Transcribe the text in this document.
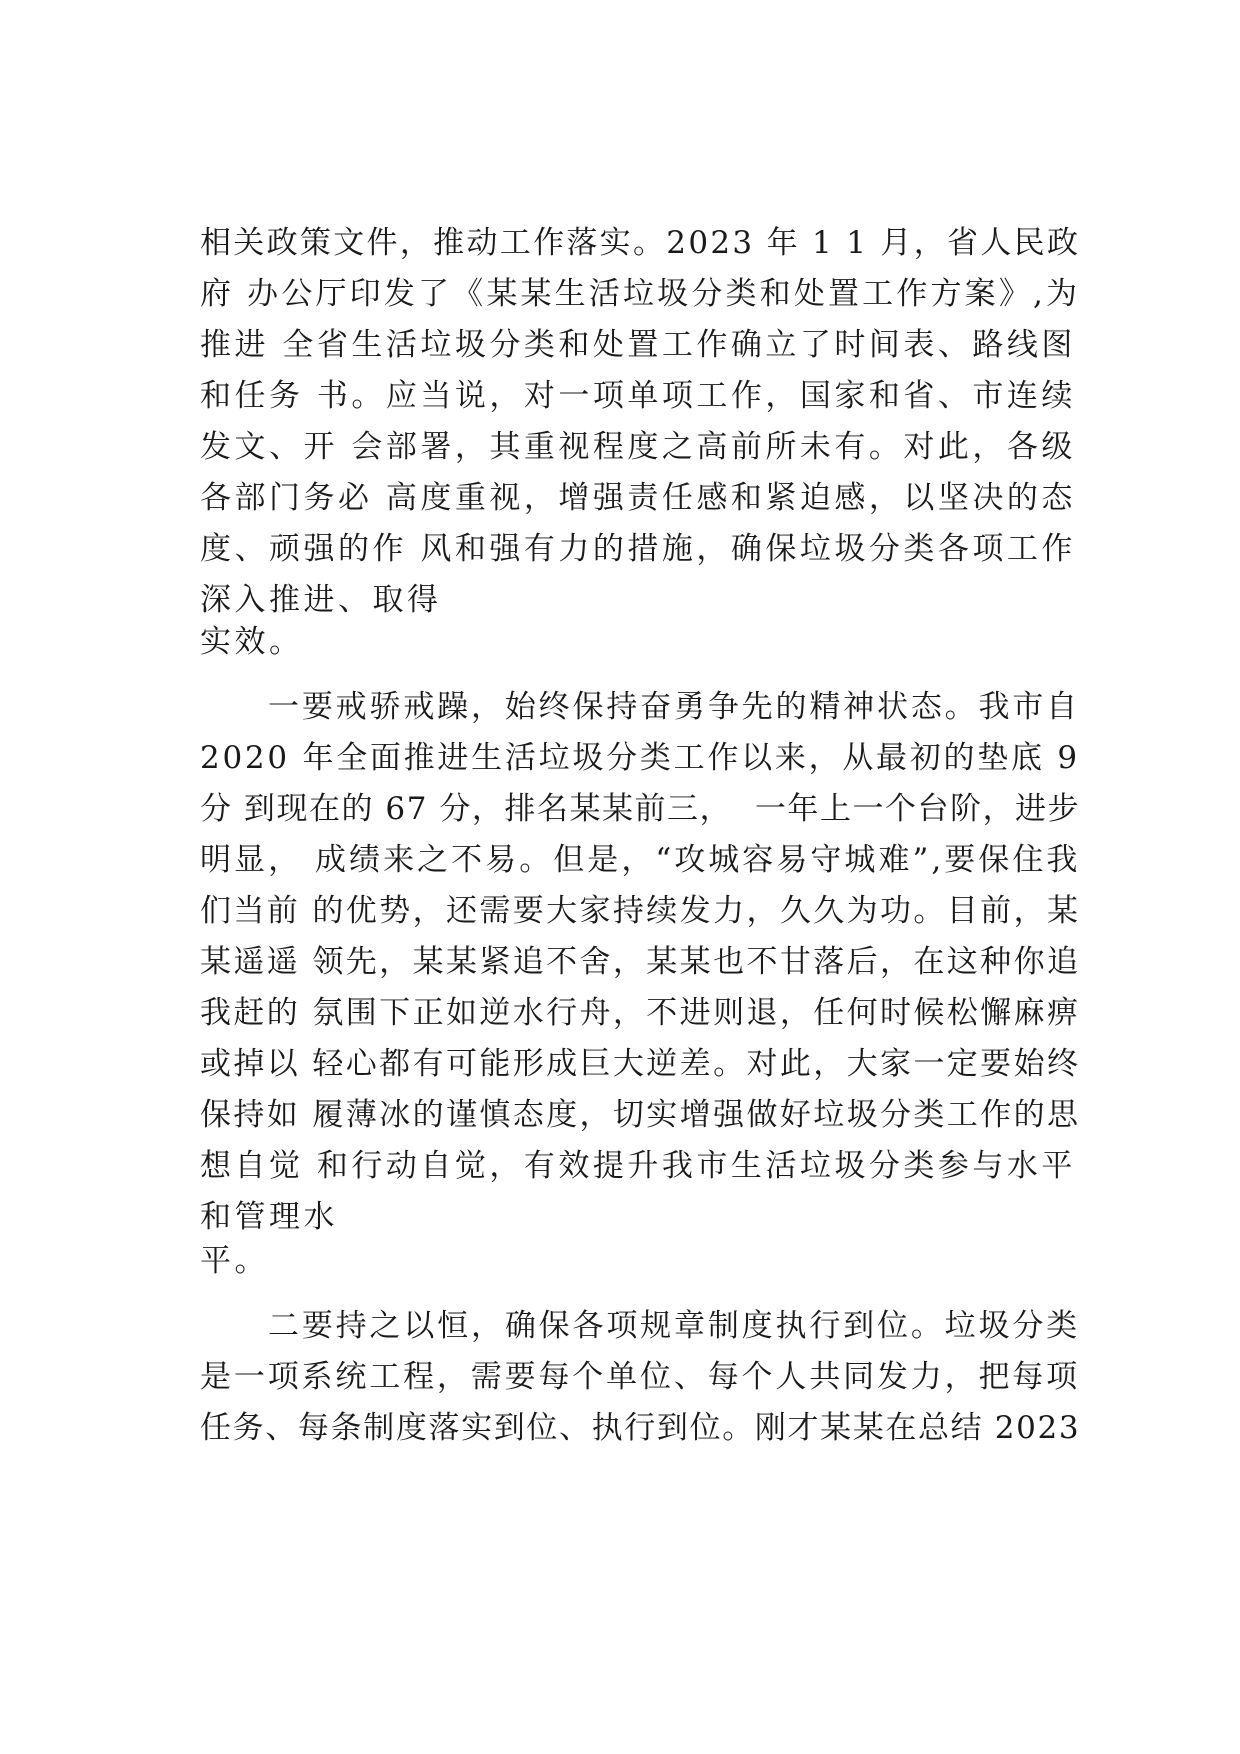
相关政策文件，推动工作落实。2023 年 1 1 月，省人民政
府 办公厅印发了《某某生活垃圾分类和处置工作方案》,为
推进 全省生活垃圾分类和处置工作确立了时间表、路线图
和任务 书。应当说，对一项单项工作，国家和省、市连续
发文、开 会部署，其重视程度之高前所未有。对此，各级
各部门务必 高度重视，增强责任感和紧迫感，以坚决的态
度、顽强的作 风和强有力的措施，确保垃圾分类各项工作
深入推进、取得
实效。
一要戒骄戒躁，始终保持奋勇争先的精神状态。我市自
2020 年全面推进生活垃圾分类工作以来，从最初的垫底 9
分 到现在的 67 分，排名某某前三，  一年上一个台阶，进步
明显， 成绩来之不易。但是，“攻城容易守城难”,要保住我
们当前 的优势，还需要大家持续发力，久久为功。目前，某
某遥遥 领先，某某紧追不舍，某某也不甘落后，在这种你追
我赶的 氛围下正如逆水行舟，不进则退，任何时候松懈麻痹
或掉以 轻心都有可能形成巨大逆差。对此，大家一定要始终
保持如 履薄冰的谨慎态度，切实增强做好垃圾分类工作的思
想自觉 和行动自觉，有效提升我市生活垃圾分类参与水平
和管理水
平。
二要持之以恒，确保各项规章制度执行到位。垃圾分类
是一项系统工程，需要每个单位、每个人共同发力，把每项
任务、每条制度落实到位、执行到位。刚才某某在总结 2023
